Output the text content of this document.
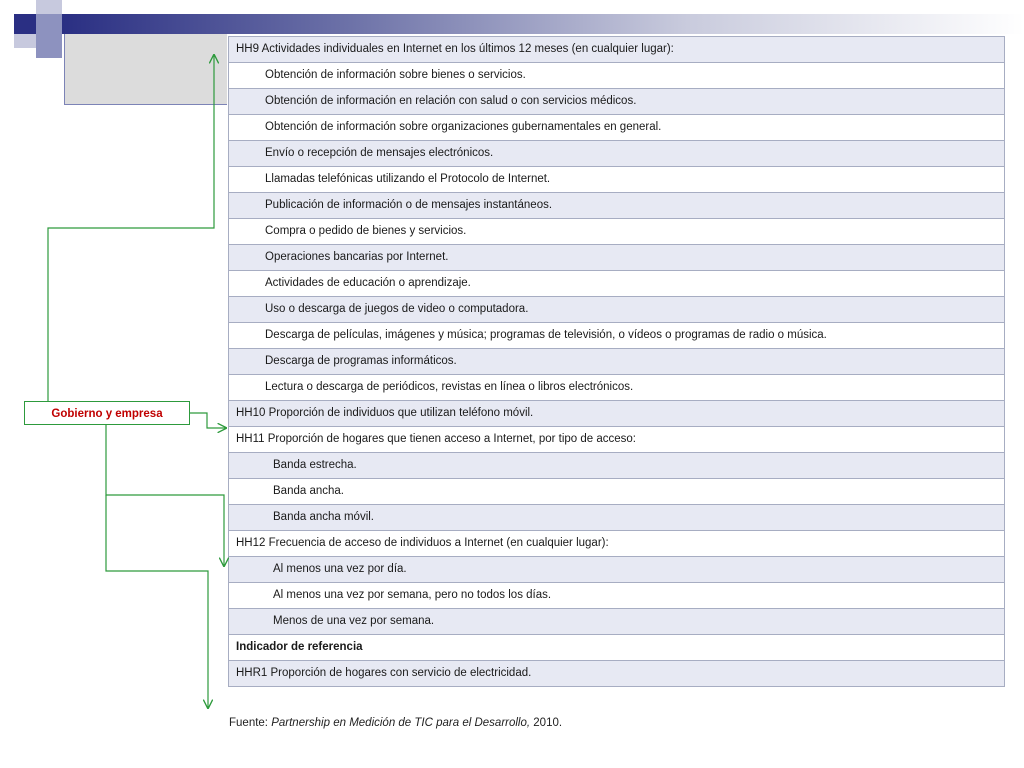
HH9 Actividades individuales en Internet en los últimos 12 meses (en cualquier lugar):
Obtención de información sobre bienes o servicios.
Obtención de información en relación con salud o con servicios médicos.
Obtención de información sobre organizaciones gubernamentales en general.
Envío o recepción de mensajes electrónicos.
Llamadas telefónicas utilizando el Protocolo de Internet.
Publicación de información o de mensajes instantáneos.
Compra o pedido de bienes y servicios.
Operaciones bancarias por Internet.
Actividades de educación o aprendizaje.
Uso o descarga de juegos de video o computadora.
Descarga de películas, imágenes y música; programas de televisión, o vídeos o programas de radio o música.
Descarga de programas informáticos.
Lectura o descarga de periódicos, revistas en línea o libros electrónicos.
HH10 Proporción de individuos que utilizan teléfono móvil.
HH11 Proporción de hogares que tienen acceso a Internet, por tipo de acceso:
Banda estrecha.
Banda ancha.
Banda ancha móvil.
HH12 Frecuencia de acceso de individuos a Internet (en cualquier lugar):
Al menos una vez por día.
Al menos una vez por semana, pero no todos los días.
Menos de una vez por semana.
Indicador de referencia
HHR1 Proporción de hogares con servicio de electricidad.
Fuente: Partnership en Medición de TIC para el Desarrollo, 2010.
Gobierno y empresa
